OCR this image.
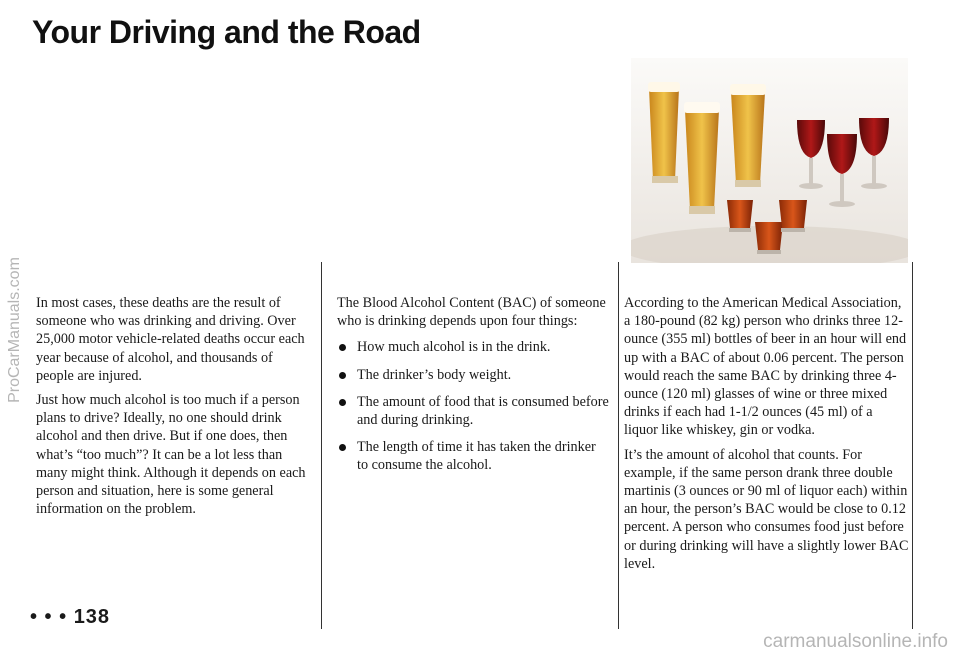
Your Driving and the Road
ProCarManuals.com In most cases, these deaths are the result of someone who was drinking and driving. Over 25,000 motor vehicle-related deaths occur each year because of alcohol, and thousands of people are injured.

Just how much alcohol is too much if a person plans to drive? Ideally, no one should drink alcohol and then drive. But if one does, then what’s “too much”? It can be a lot less than many might think. Although it depends on each person and situation, here is some general information on the problem.

The Blood Alcohol Content (BAC) of someone who is drinking depends upon four things:

How much alcohol is in the drink.
The drinker’s body weight.
The amount of food that is consumed before and during drinking.
The length of time it has taken the drinker to consume the alcohol.

According to the American Medical Association, a 180-pound (82 kg) person who drinks three 12-ounce (355 ml) bottles of beer in an hour will end up with a BAC of about 0.06 percent. The person would reach the same BAC by drinking three 4-ounce (120 ml) glasses of wine or three mixed drinks if each had 1-1/2 ounces (45 ml) of a liquor like whiskey, gin or vodka.

It’s the amount of alcohol that counts. For example, if the same person drank three double martinis (3 ounces or 90 ml of liquor each) within an hour, the person’s BAC would be close to 0.12 percent. A person who consumes food just before or during drinking will have a slightly lower BAC level.

• • • 138
carmanualsonline.info
